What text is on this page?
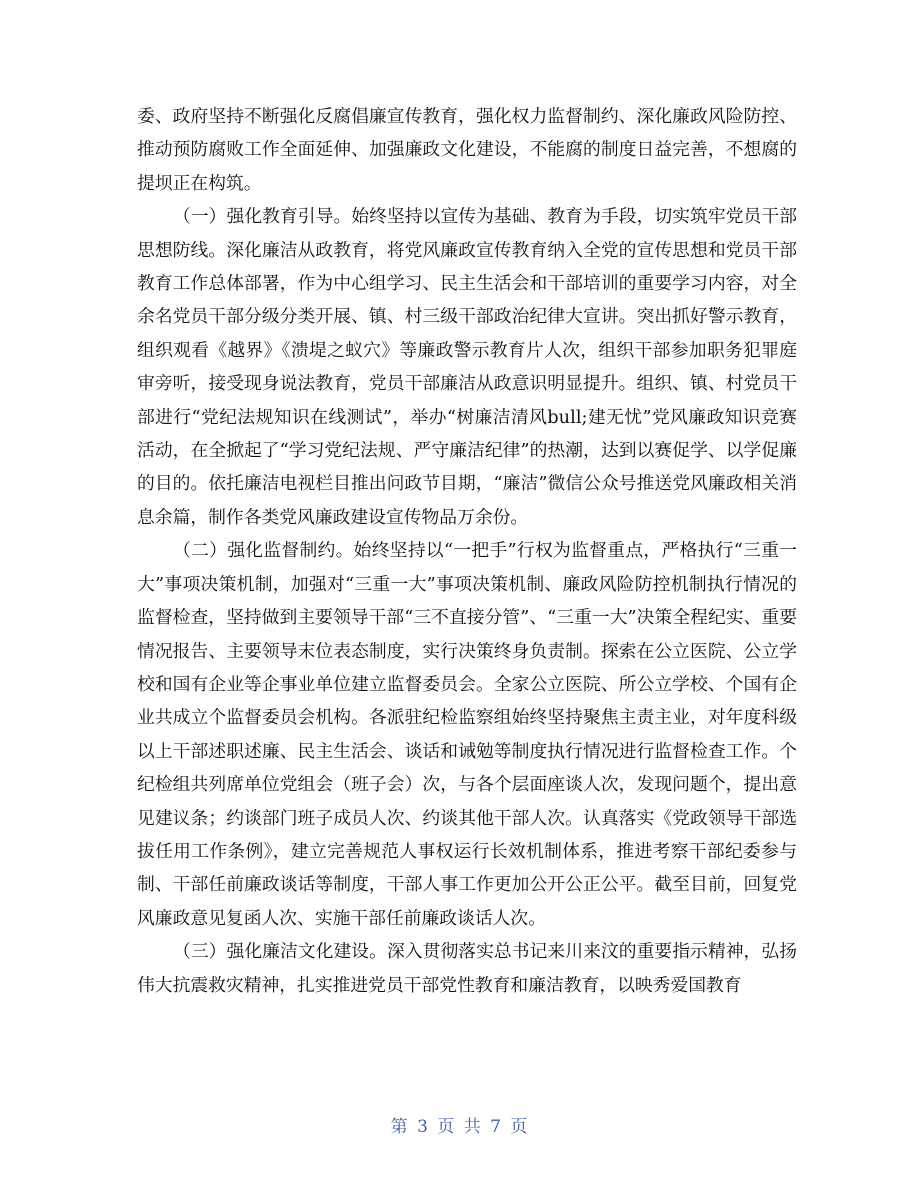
委、政府坚持不断强化反腐倡廉宣传教育，强化权力监督制约、深化廉政风险防控、推动预防腐败工作全面延伸、加强廉政文化建设，不能腐的制度日益完善，不想腐的提坝正在构筑。

（一）强化教育引导。始终坚持以宣传为基础、教育为手段，切实筑牢党员干部思想防线。深化廉洁从政教育，将党风廉政宣传教育纳入全党的宣传思想和党员干部教育工作总体部署，作为中心组学习、民主生活会和干部培训的重要学习内容，对全余名党员干部分级分类开展、镇、村三级干部政治纪律大宣讲。突出抓好警示教育，组织观看《越界》《溃堤之蚁穴》等廉政警示教育片人次，组织干部参加职务犯罪庭审旁听，接受现身说法教育，党员干部廉洁从政意识明显提升。组织、镇、村党员干部进行“党纪法规知识在线测试”，举办“树廉洁清风bull;建无忧”党风廉政知识竞赛活动，在全掀起了“学习党纪法规、严守廉洁纪律”的热潮，达到以赛促学、以学促廉的目的。依托廉洁电视栏目推出问政节目期，“廉洁”微信公众号推送党风廉政相关消息余篇，制作各类党风廉政建设宣传物品万余份。

（二）强化监督制约。始终坚持以“一把手”行权为监督重点，严格执行“三重一大”事项决策机制，加强对“三重一大”事项决策机制、廉政风险防控机制执行情况的监督检查，坚持做到主要领导干部“三不直接分管”、“三重一大”决策全程纪实、重要情况报告、主要领导末位表态制度，实行决策终身负责制。探索在公立医院、公立学校和国有企业等企事业单位建立监督委员会。全家公立医院、所公立学校、个国有企业共成立个监督委员会机构。各派驻纪检监察组始终坚持聚焦主责主业，对年度科级以上干部述职述廉、民主生活会、谈话和诫勉等制度执行情况进行监督检查工作。个纪检组共列席单位党组会（班子会）次，与各个层面座谈人次，发现问题个，提出意见建议条；约谈部门班子成员人次、约谈其他干部人次。认真落实《党政领导干部选拔任用工作条例》，建立完善规范人事权运行长效机制体系，推进考察干部纪委参与制、干部任前廉政谈话等制度，干部人事工作更加公开公正公平。截至目前，回复党风廉政意见复函人次、实施干部任前廉政谈话人次。

（三）强化廉洁文化建设。深入贯彻落实总书记来川来汶的重要指示精神，弘扬伟大抗震救灾精神，扎实推进党员干部党性教育和廉洁教育，以映秀爱国教育

第 3 页 共 7 页
